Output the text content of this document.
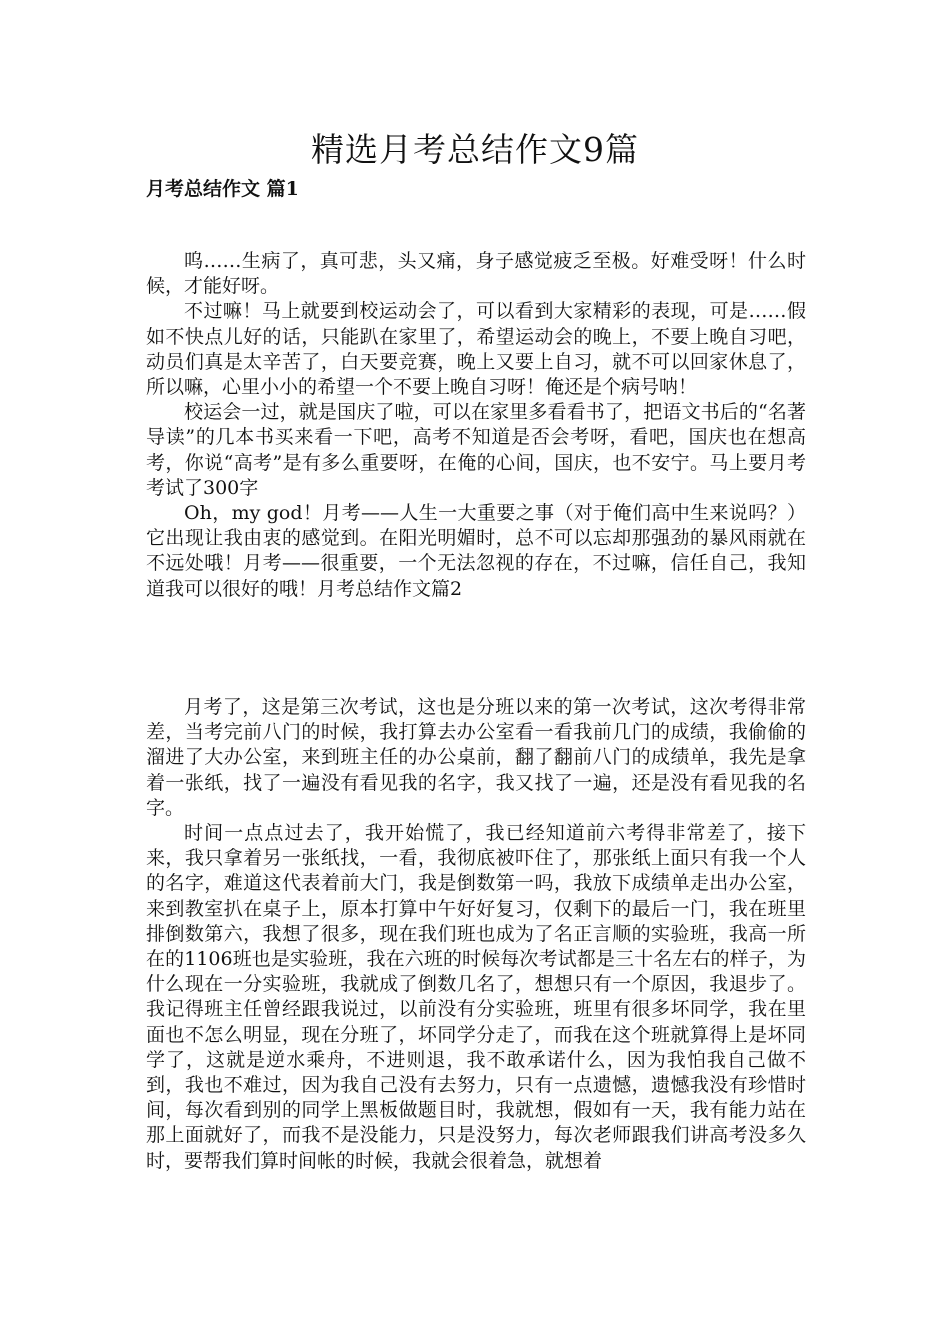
精选月考总结作文9篇
月考总结作文 篇1

呜……生病了，真可悲，头又痛，身子感觉疲乏至极。好难受呀！什么时候，才能好呀。

不过嘛！马上就要到校运动会了，可以看到大家精彩的表现，可是……假如不快点儿好的话，只能趴在家里了，希望运动会的晚上，不要上晚自习吧，动员们真是太辛苦了，白天要竞赛，晚上又要上自习，就不可以回家休息了，所以嘛，心里小小的希望一个不要上晚自习呀！俺还是个病号呐！

校运会一过，就是国庆了啦，可以在家里多看看书了，把语文书后的“名著导读”的几本书买来看一下吧，高考不知道是否会考呀，看吧，国庆也在想高考，你说“高考”是有多么重要呀，在俺的心间，国庆，也不安宁。马上要月考考试了300字

Oh，my god！月考——人生一大重要之事（对于俺们高中生来说吗？）它出现让我由衷的感觉到。在阳光明媚时，总不可以忘却那强劲的暴风雨就在不远处哦！月考——很重要，一个无法忽视的存在，不过嘛，信任自己，我知道我可以很好的哦！月考总结作文篇2

月考了，这是第三次考试，这也是分班以来的第一次考试，这次考得非常差，当考完前八门的时候，我打算去办公室看一看我前几门的成绩，我偷偷的溜进了大办公室，来到班主任的办公桌前，翻了翻前八门的成绩单，我先是拿着一张纸，找了一遍没有看见我的名字，我又找了一遍，还是没有看见我的名字。

时间一点点过去了，我开始慌了，我已经知道前六考得非常差了，接下来，我只拿着另一张纸找，一看，我彻底被吓住了，那张纸上面只有我一个人的名字，难道这代表着前大门，我是倒数第一吗，我放下成绩单走出办公室，来到教室扒在桌子上，原本打算中午好好复习，仅剩下的最后一门，我在班里排倒数第六，我想了很多，现在我们班也成为了名正言顺的实验班，我高一所在的1106班也是实验班，我在六班的时候每次考试都是三十名左右的样子，为什么现在一分实验班，我就成了倒数几名了，想想只有一个原因，我退步了。我记得班主任曾经跟我说过，以前没有分实验班，班里有很多坏同学，我在里面也不怎么明显，现在分班了，坏同学分走了，而我在这个班就算得上是坏同学了，这就是逆水乘舟，不进则退，我不敢承诺什么，因为我怕我自己做不到，我也不难过，因为我自己没有去努力，只有一点遗憾，遗憾我没有珍惜时间，每次看到别的同学上黑板做题目时，我就想，假如有一天，我有能力站在那上面就好了，而我不是没能力，只是没努力，每次老师跟我们讲高考没多久时，要帮我们算时间帐的时候，我就会很着急，就想着
